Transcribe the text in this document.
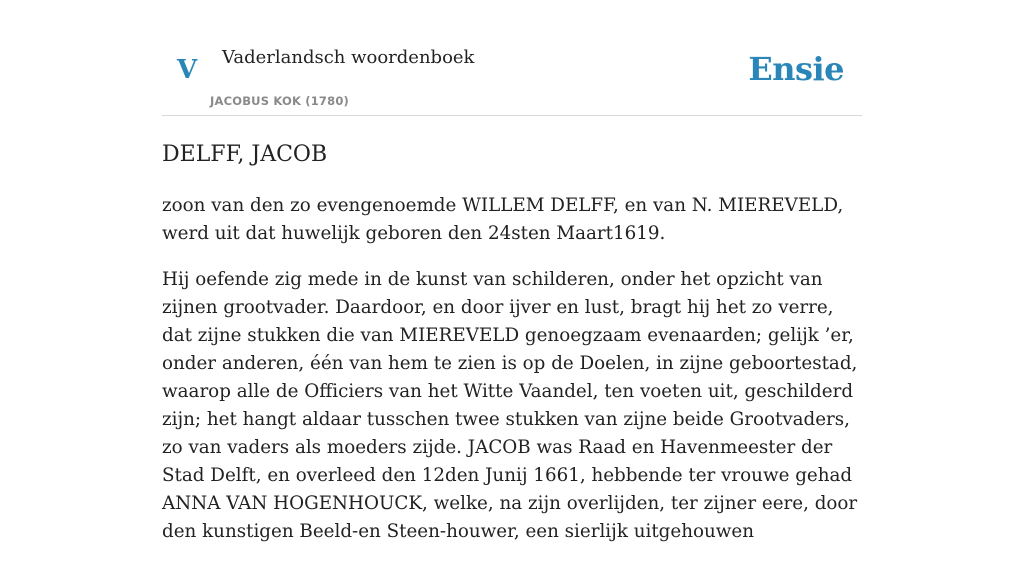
V Vaderlandsch woordenboek
JACOBUS KOK (1780)
Ensie
DELFF, JACOB

zoon van den zo evengenoemde WILLEM DELFF, en van N. MIEREVELD, werd uit dat huwelijk geboren den 24sten Maart1619.

Hij oefende zig mede in de kunst van schilderen, onder het opzicht van zijnen grootvader. Daardoor, en door ijver en lust, bragt hij het zo verre, dat zijne stukken die van MIEREVELD genoegzaam evenaarden; gelijk ’er, onder anderen, één van hem te zien is op de Doelen, in zijne geboortestad, waarop alle de Officiers van het Witte Vaandel, ten voeten uit, geschilderd zijn; het hangt aldaar tusschen twee stukken van zijne beide Grootvaders, zo van vaders als moeders zijde. JACOB was Raad en Havenmeester der Stad Delft, en overleed den 12den Junij 1661, hebbende ter vrouwe gehad ANNA VAN HOGENHOUCK, welke, na zijn overlijden, ter zijner eere, door den kunstigen Beeld-en Steen-houwer, een sierlijk uitgehouwen
